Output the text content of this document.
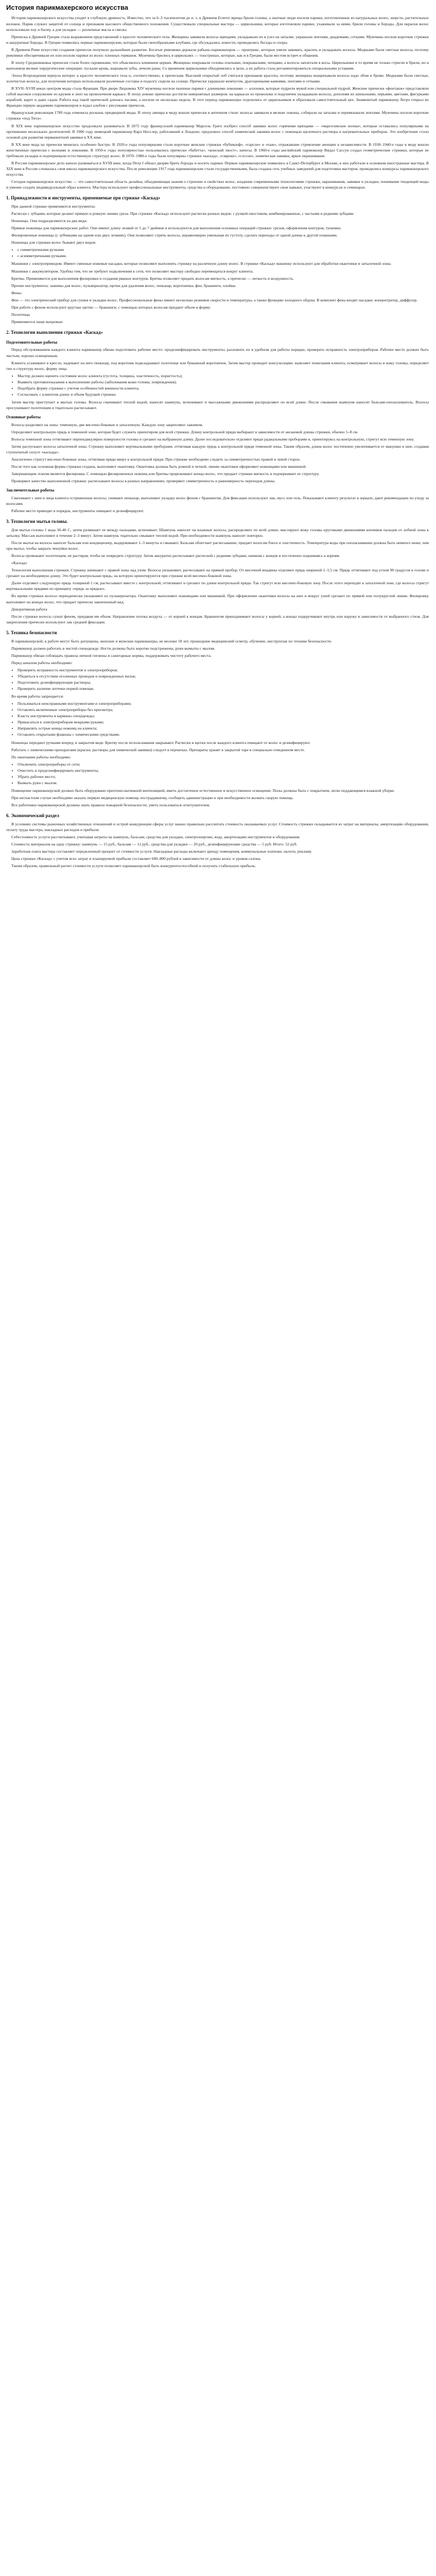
История парикмахерского искусства

История парикмахерского искусства уходит в глубокую древность. Известно, что за 6–3 тысячелетия до н. э. в Древнем Египте жрецы брили головы, а знатные люди носили парики, изготовленные из натуральных волос, шерсти, растительных волокон. Парик служил защитой от солнца и признаком высокого общественного положения. Существовали специальные мастера — цирюльники, которые изготовляли парики, ухаживали за ними, брили головы и бороды. Для окраски волос использовали хну и басму, а для укладки — различные масла и смолы.

Прическа в Древней Греции стала выражением представлений о красоте человеческого тела. Женщины завивали волосы щипцами, укладывали их в узел на затылке, украшали лентами, диадемами, сетками. Мужчины носили короткие стрижки и аккуратные бороды. В Греции появились первые парикмахерские, которые были своеобразными клубами, где обсуждались новости, проводились беседы и споры.

В Древнем Риме искусство создания причесок получило дальнейшее развитие. Богатые римлянки держали рабынь-парикмахеров — орнатрикс, которые умели завивать, красить и укладывать волосы. Модными были светлые волосы, поэтому римлянки обесцвечивали их или носили парики из волос пленных германок. Мужчины брились в цирюльнях — тонстринах, которые, как и в Греции, были местом встреч и общения.

В эпоху Средневековья прически стали более скромными, что объяснялось влиянием церкви. Женщины покрывали головы платками, покрывалами, чепцами, а волосы заплетали в косы. Цирюльники в то время не только стригли и брили, но и выполняли мелкие хирургические операции: пускали кровь, вырывали зубы, лечили раны. Со временем цирюльники объединились в цехи, а их работа стала регламентироваться специальными уставами.

Эпоха Возрождения вернула интерес к красоте человеческого тела и, соответственно, к прическам. Высокий открытый лоб считался признаком красоты, поэтому женщины выщипывали волосы надо лбом и брови. Модными были светлые, золотистые волосы, для получения которых использовали различные составы и подолгу сидели на солнце. Прически украшали жемчугом, драгоценными камнями, лентами и сетками.

В XVII–XVIII веках центром моды стала Франция. При дворе Людовика XIV мужчины носили пышные парики с длинными локонами — аллонжи, которые пудрили мукой или специальной пудрой. Женские прически «фонтанж» представляли собой высокое сооружение из кружев и лент на проволочном каркасе. В эпоху рококо прически достигли невероятных размеров: на каркасах из проволоки и подушечек укладывали волосы, дополняя их шиньонами, перьями, цветами, фигурками кораблей, карет и даже садов. Работа над такой прической длилась часами, а носили ее несколько недель. В этот период парикмахеры отделились от цирюльников и образовали самостоятельный цех. Знаменитый парикмахер Легро открыл во Франции первую академию парикмахеров и издал альбом с рисунками причесок.

Французская революция 1789 года отменила роскошь придворной моды. В эпоху ампира в моду вошли прически в античном стиле: волосы завивали в мелкие локоны, собирали на затылке и перевязывали лентами. Мужчины носили короткие стрижки «под Тита».

В XIX веке парикмахерское искусство продолжало развиваться. В 1872 году французский парикмахер Марсель Грато изобрел способ завивки волос горячими щипцами — «марселевские волны», которые оставались популярными на протяжении нескольких десятилетий. В 1906 году немецкий парикмахер Карл Несслер, работавший в Лондоне, предложил способ химической завивки волос с помощью щелочного раствора и нагревательных приборов. Это изобретение стало основой для развития перманентной завивки в XX веке.

В XX веке мода на прически менялась особенно быстро. В 1920-е годы популярными стали короткие женские стрижки «бубикопф», «гарсон» и «паж», отражавшие стремление женщин к независимости. В 1930–1940-е годы в моду вошли женственные прически с волнами и локонами. В 1950-е годы популярностью пользовались прически «бабетта», «конский хвост», начесы. В 1960-е годы английский парикмахер Видал Сассун создал геометрические стрижки, которые не требовали укладки и подчеркивали естественную структуру волос. В 1970–1980-е годы были популярны стрижки «каскад», «гаврош», «сэссон», химическая завивка, яркое окрашивание.

В России парикмахерское дело начало развиваться в XVIII веке, когда Петр I обязал дворян брить бороды и носить парики. Первые парикмахерские появились в Санкт-Петербурге и Москве, в них работали в основном иностранные мастера. В XIX веке в России сложилась своя школа парикмахерского искусства. После революции 1917 года парикмахерские стали государственными, была создана сеть учебных заведений для подготовки мастеров, проводились конкурсы парикмахерского искусства.

Сегодня парикмахерское искусство — это самостоятельная область дизайна, объединяющая знания о строении и свойствах волос, владение современными технологиями стрижки, окрашивания, завивки и укладки, понимание тенденций моды и умение создать индивидуальный образ клиента. Мастера используют профессиональные инструменты, средства и оборудование, постоянно совершенствуют свои навыки, участвуют в конкурсах и семинарах.

1. Принадлежности и инструменты, применяемые при стрижке «Каскад»

При данной стрижке применяются инструменты:

Расчески с зубцами, которые делают прямую и ровную линию среза. При стрижке «Каскад» используют расчески разных видов: с ручкой-хвостиком, комбинированные, с частыми и редкими зубцами.

Ножницы. Они подразделяются на два вида:

Прямые ножницы для парикмахерских работ. Они имеют длину лезвий от 5 до 7 дюймов и используются для выполнения основных операций стрижки: срезов, оформления контуров, тушевки.

Филировочные ножницы (с зубчиками на одном или двух лезвиях). Они позволяют стричь волосы, неравномерно уменьшая их густоту, сделать переходы от одной длины к другой плавными.

Ножницы для стрижки волос бывают двух видов:

• с симметричными ручками
• с асимметричными ручками.

Машинки с электроприводом. Имеют сменные ножевые насадки, которые позволяют выполнять стрижку на различную длину волос. В стрижке «Каскад» машинку используют для обработки окантовки и затылочной зоны.

Машинки с аккумулятором. Удобны тем, что не требуют подключения к сети, что позволяет мастеру свободно перемещаться вокруг клиента.

Бритвы. Применяются для выполнения филировки и создания рваных контуров. Бритва позволяет придать волосам мягкость, а прическе — легкость и воздушность.

Прочие инструменты: зажимы для волос, пульверизатор, щетки для удаления волос, пеньюар, воротнички, фен, брашинги, плойки.

Фены:

Фен — это электрический прибор для сушки и укладки волос. Профессиональные фены имеют несколько режимов скорости и температуры, а также функцию холодного обдува. В комплект фена входят насадки: концентратор, диффузор.

При работе с феном используют круглые щетки — брашинги, с помощью которых волосам придают объем и форму.

Полотенца

Применяются чаще махровые.

2. Технологии выполнения стрижки «Каскад»
Подготовительные работы

Перед обслуживанием каждого клиента парикмахер обязан подготовить рабочее место: продезинфицировать инструменты, разложить их в удобном для работы порядке, проверить исправность электроприборов. Рабочее место должно быть чистым, хорошо освещенным.

Клиента усаживают в кресло, надевают на него пеньюар, под воротник подкладывают полотенце или бумажный воротничок. Затем мастер проводит консультацию: выясняет пожелания клиента, осматривает волосы и кожу головы, определяет тип и структуру волос, форму лица.

• Мастер должен оценить состояние волос клиента (густота, толщина, эластичность, пористость);
• Выявить противопоказания к выполнению работы (заболевания кожи головы, повреждения);
• Подобрать форму стрижки с учетом особенностей внешности клиента;
• Согласовать с клиентом длину и объем будущей стрижки.

Затем мастер приступает к мытью головы. Волосы смачивают теплой водой, наносят шампунь, вспенивают и массажными движениями распределяют по всей длине. После смывания шампуня наносят бальзам-ополаскиватель. Волосы просушивают полотенцем и тщательно расчесывают.

Основные работы

Волосы разделяют на зоны: теменную, две височно-боковые и затылочную. Каждую зону закрепляют зажимом.

Определяют контрольную прядь в теменной зоне, которая будет служить ориентиром для всей стрижки. Длину контрольной пряди выбирают в зависимости от желаемой длины стрижки, обычно 5–8 см.

Волосы теменной зоны оттягивают перпендикулярно поверхности головы и срезают на выбранную длину. Далее последовательно отделяют пряди радиальными проборами и, ориентируясь на контрольную, стригут всю теменную зону.

Затем распускают волосы затылочной зоны. Стрижку выполняют вертикальными проборами, оттягивая каждую прядь к контрольной пряди теменной зоны. Таким образом, длина волос постепенно увеличивается от макушки к шее, создавая ступенчатый силуэт «каскада».

Аналогично стригут височно-боковые зоны, оттягивая пряди вверх к контрольной пряди. При стрижке необходимо следить за симметричностью правой и левой сторон.

После того как основная форма стрижки создана, выполняют окантовку. Окантовка должна быть ровной и четкой, линию окантовки оформляют ножницами или машинкой.

Завершающим этапом является филировка. С помощью филировочных ножниц или бритвы прореживают концы волос, что придает стрижке мягкость и подчеркивает ее структуру.

Проверяют качество выполненной стрижки: расчесывают волосы в разных направлениях, проверяют симметричность и равномерность переходов длины.

Заключительные работы

Смахивают с шеи и лица клиента остриженные волосы, снимают пеньюар, выполняют укладку волос феном с брашингом. Для фиксации используют лак, мусс или гель. Показывают клиенту результат в зеркале, дают рекомендации по уходу за волосами.

Рабочее место приводят в порядок, инструменты очищают и дезинфицируют.

3. Технология мытья головы.

Для мытья головы 1 вода 36-40 С, затем разминает ее между пальцами, вспенивает. Шампунь наносят на влажные волосы, распределяют по всей длине, массируют кожу головы круговыми движениями кончиков пальцев от лобной зоны к затылку. Массаж выполняют в течение 2–3 минут. Затем шампунь тщательно смывают теплой водой. При необходимости шампунь наносят повторно.

После мытья на волосы наносят бальзам или кондиционер, выдерживают 1–3 минуты и смывают. Бальзам облегчает расчесывание, придает волосам блеск и эластичность. Температура воды при ополаскивании должна быть немного ниже, чем при мытье, чтобы закрыть чешуйки волос.

Волосы промокают полотенцем, не растирая, чтобы не повредить структуру. Затем аккуратно расчесывают расческой с редкими зубцами, начиная с концов и постепенно поднимаясь к корням.

«Каскад»

Технология выполнения стрижки. Стрижку начинают с правой зоны над ухом. Волосы увлажняют, расчесывают на прямой пробор. От височной впадины отделяют прядь шириной 1–1,5 см. Прядь оттягивают под углом 90 градусов к голове и срезают на необходимую длину. Это будет контрольная прядь, на которую ориентируются при стрижке всей височно-боковой зоны.

Далее отделяют следующую прядь толщиной 1 см, расчесывают вместе с контрольной, оттягивают и срезают по длине контрольной пряди. Так стригут всю височно-боковую зону. После этого переходят к затылочной зоне, где волосы стригут вертикальными прядями по принципу «прядь за прядью».

Во время стрижки волосы периодически увлажняют из пульверизатора. Окантовку выполняют ножницами или машинкой. При оформлении окантовки волосы на шее и вокруг ушей срезают по прямой или полукруглой линии. Филировку выполняют на концах волос, что придает прическе законченный вид.

Декоративная работа

После стрижки волосы сушат феном, придавая им объем. Направление потока воздуха — от корней к концам. Брашингом приподнимают волосы у корней, а концы подкручивают внутрь или наружу в зависимости от выбранного стиля. Для закрепления прически используют лак средней фиксации.

5. Техника безопасности

В парикмахерской, в работе могут быть допущены, женские и мужские парикмахеры, не моложе 18 лет, прошедшие медицинский осмотр, обучение, инструктаж по технике безопасности.

Парикмахер должен работать в чистой спецодежде. Ногти должны быть коротко подстрижены, руки вымыты с мылом.

Парикмахер обязан соблюдать правила личной гигиены и санитарные нормы, поддерживать чистоту рабочего места.

Перед началом работы необходимо:

• Проверить исправность инструментов и электроприборов;
• Убедиться в отсутствии оголенных проводов и поврежденных вилок;
• Подготовить дезинфицирующие растворы;
• Проверить наличие аптечки первой помощи.

Во время работы запрещается:

• Пользоваться неисправными инструментами и электроприборами;
• Оставлять включенные электроприборы без присмотра;
• Класть инструменты в карманы спецодежды;
• Прикасаться к электроприборам мокрыми руками;
• Направлять острые концы ножниц на клиента;
• Оставлять открытыми флаконы с химическими средствами.

Ножницы передают ручками вперед, в закрытом виде. Бритву после использования закрывают. Расчески и щетки после каждого клиента очищают от волос и дезинфицируют.

Работать с химическими препаратами (краски, растворы для химической завивки) следует в перчатках. Препараты хранят в закрытой таре в специально отведенном месте.

По окончании работы необходимо:

• Отключить электроприборы от сети;
• Очистить и продезинфицировать инструменты;
• Убрать рабочее место;
• Вымыть руки с мылом.

Помещение парикмахерской должно быть оборудовано приточно-вытяжной вентиляцией, иметь достаточное естественное и искусственное освещение. Полы должны быть с покрытием, легко поддающимся влажной уборке.

При несчастном случае необходимо оказать первую медицинскую помощь пострадавшему, сообщить администрации и при необходимости вызвать скорую помощь.

Все работники парикмахерской должны знать правила пожарной безопасности, уметь пользоваться огнетушителем.

6. Экономический раздел

В условиях системы рыночных хозяйственных отношений и острой конкуренции сферы услуг важно правильно рассчитать стоимость оказываемых услуг. Стоимость стрижки складывается из затрат на материалы, амортизацию оборудования, оплату труда мастера, накладных расходов и прибыли.

Себестоимость услуги рассчитывают, учитывая затраты на шампунь, бальзам, средства для укладки, электроэнергию, воду, амортизацию инструментов и оборудования.

Стоимость материалов на одну стрижку: шампунь — 15 руб., бальзам — 12 руб., средства для укладки — 20 руб., дезинфицирующие средства — 5 руб. Итого: 52 руб.

Заработная плата мастера составляет определенный процент от стоимости услуги. Накладные расходы включают аренду помещения, коммунальные платежи, налоги, рекламу.

Цена стрижки «Каскад» с учетом всех затрат и планируемой прибыли составляет 600–800 рублей в зависимости от длины волос и уровня салона.

Таким образом, правильный расчет стоимости услуги позволяет парикмахерской быть конкурентоспособной и получать стабильную прибыль.
